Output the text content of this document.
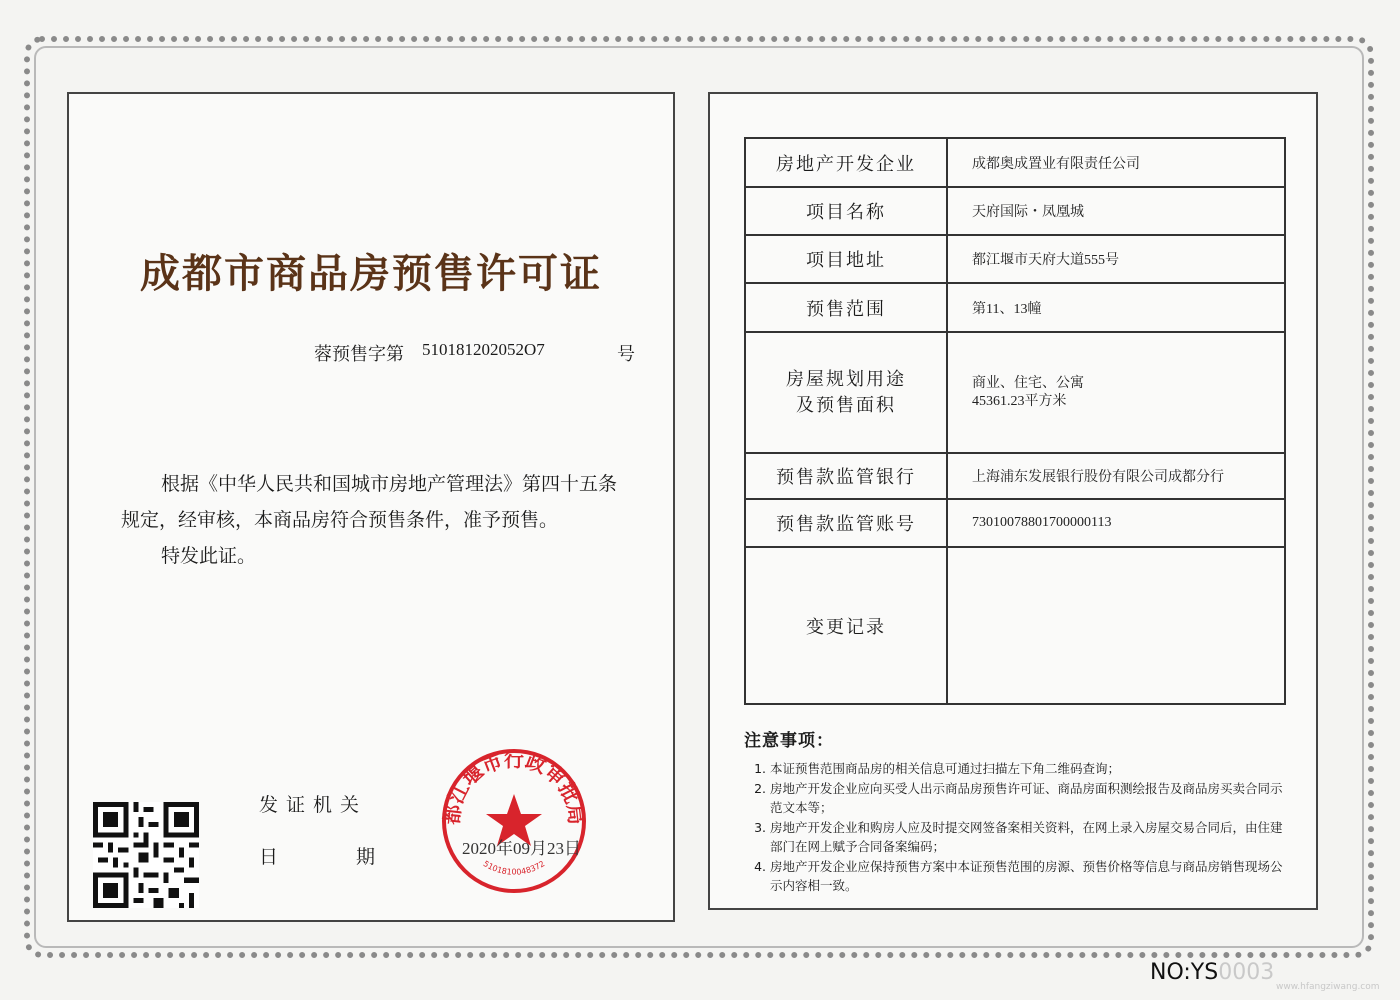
成都市商品房预售许可证
蓉预售字第 510181202052O7	号

根据《中华人民共和国城市房地产管理法》第四十五条

规定，经审核，本商品房符合预售条件，准予预售。

特发此证。

发证机关
日	期
都江堰市行政审批局
5101810048372
2020年09月23日
房地产开发企业	成都奥成置业有限责任公司
项目名称	天府国际・凤凰城
项目地址	都江堰市天府大道555号
预售范围	第11、13幢
房屋规划用途
及预售面积	商业、住宅、公寓
45361.23平方米
预售款监管银行	上海浦东发展银行股份有限公司成都分行
预售款监管账号	73010078801700000113
变更记录	
注意事项：
1. 本证预售范围商品房的相关信息可通过扫描左下角二维码查询；
2. 房地产开发企业应向买受人出示商品房预售许可证、商品房面积测绘报告及商品房买卖合同示范文本等；
3. 房地产开发企业和购房人应及时提交网签备案相关资料，在网上录入房屋交易合同后，由住建部门在网上赋予合同备案编码；
4. 房地产开发企业应保持预售方案中本证预售范围的房源、预售价格等信息与商品房销售现场公示内容相一致。
NO:YS0003
www.hfangziwang.com
